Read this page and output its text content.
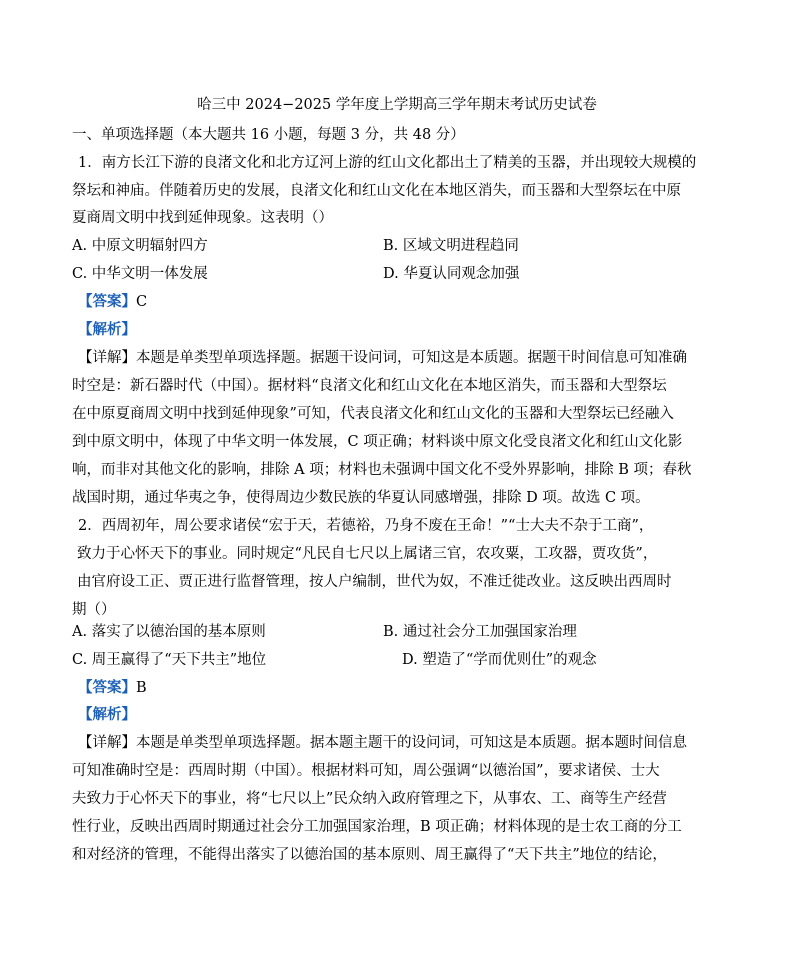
哈三中 2024−2025 学年度上学期高三学年期末考试历史试卷
一、单项选择题（本大题共 16 小题，每题 3 分，共 48 分）
1．南方长江下游的良渚文化和北方辽河上游的红山文化都出土了精美的玉器，并出现较大规模的
祭坛和神庙。伴随着历史的发展，良渚文化和红山文化在本地区消失，而玉器和大型祭坛在中原
夏商周文明中找到延伸现象。这表明（）
A. 中原文明辐射四方	B. 区域文明进程趋同
C. 中华文明一体发展	D. 华夏认同观念加强
【答案】C
【解析】
【详解】本题是单类型单项选择题。据题干设问词，可知这是本质题。据题干时间信息可知准确
时空是：新石器时代（中国）。据材料“良渚文化和红山文化在本地区消失，而玉器和大型祭坛
在中原夏商周文明中找到延伸现象”可知，代表良渚文化和红山文化的玉器和大型祭坛已经融入
到中原文明中，体现了中华文明一体发展，C 项正确；材料谈中原文化受良渚文化和红山文化影
响，而非对其他文化的影响，排除 A 项；材料也未强调中国文化不受外界影响，排除 B 项；春秋
战国时期，通过华夷之争，使得周边少数民族的华夏认同感增强，排除 D 项。故选 C 项。
2．西周初年，周公要求诸侯“宏于天，若德裕，乃身不废在王命！”“士大夫不杂于工商”，
致力于心怀天下的事业。同时规定“凡民自七尺以上属诸三官，农攻粟，工攻器，贾攻货”，
由官府设工正、贾正进行监督管理，按人户编制，世代为奴，不准迁徙改业。这反映出西周时
期（）
A. 落实了以德治国的基本原则	B. 通过社会分工加强国家治理
C. 周王赢得了“天下共主”地位	D. 塑造了“学而优则仕”的观念
【答案】B
【解析】
【详解】本题是单类型单项选择题。据本题主题干的设问词，可知这是本质题。据本题时间信息
可知准确时空是：西周时期（中国）。根据材料可知，周公强调“以德治国”，要求诸侯、士大
夫致力于心怀天下的事业，将“七尺以上”民众纳入政府管理之下，从事农、工、商等生产经营
性行业，反映出西周时期通过社会分工加强国家治理，B 项正确；材料体现的是士农工商的分工
和对经济的管理，不能得出落实了以德治国的基本原则、周王赢得了“天下共主”地位的结论，
